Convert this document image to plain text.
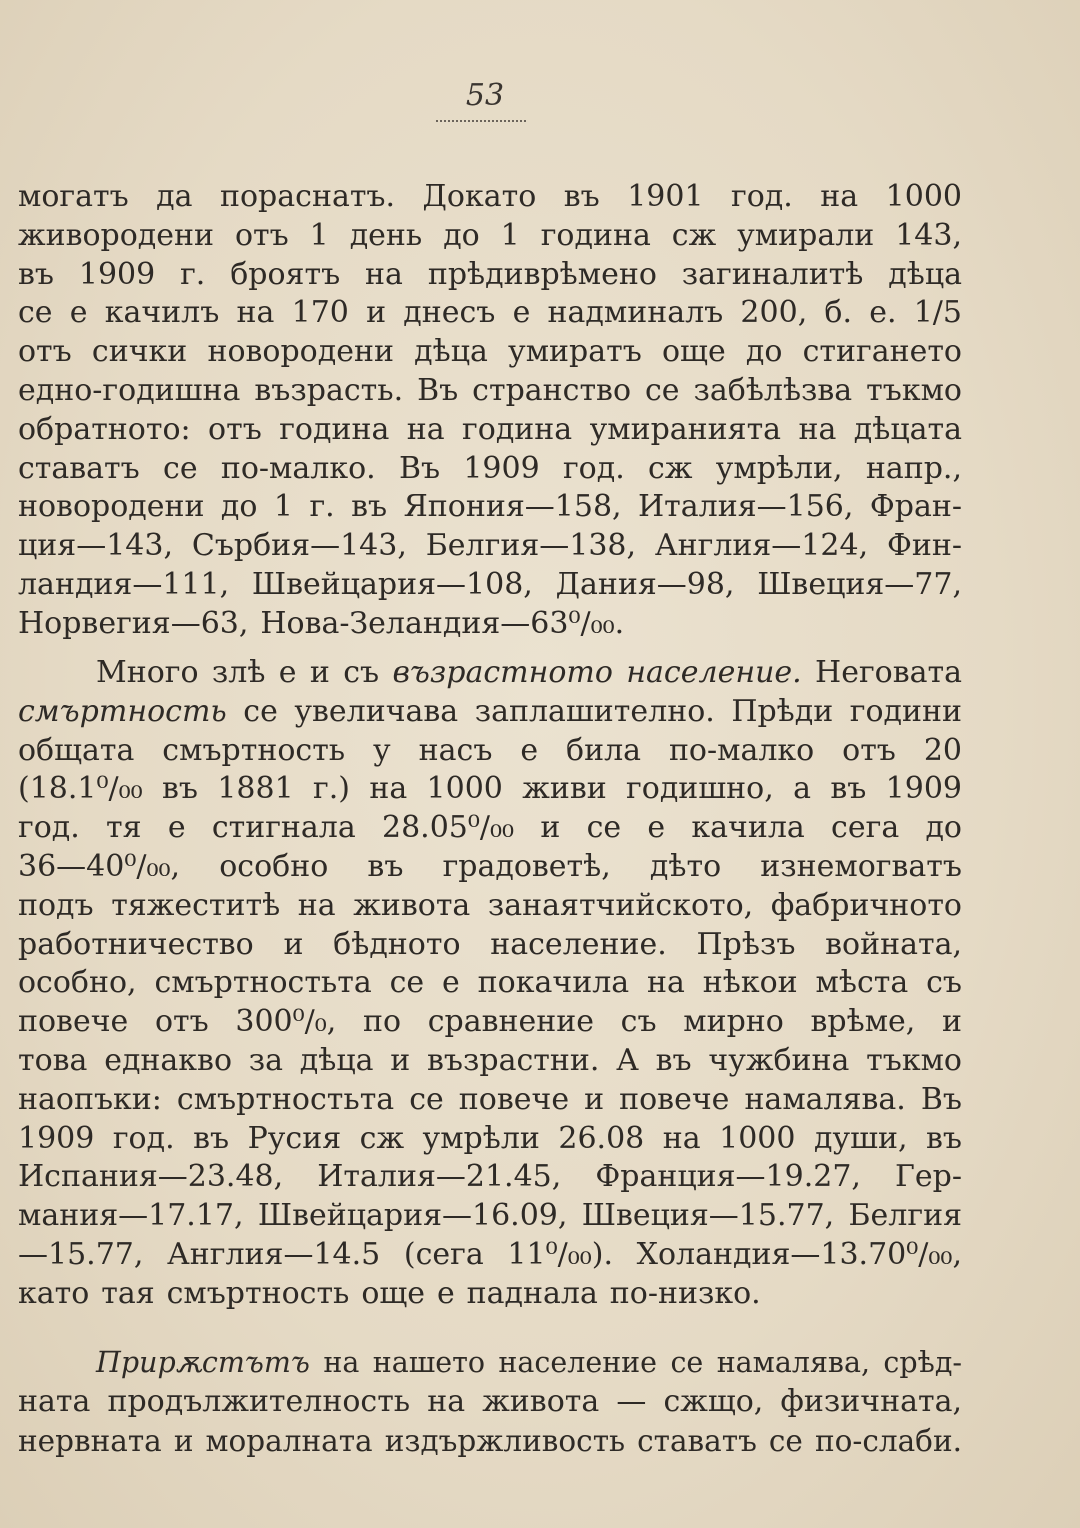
53
могатъ да пораснатъ. Докато въ 1901 год. на 1000
живородени отъ 1 день до 1 година сж умирали 143,
въ 1909 г. броятъ на прѣдиврѣмено загиналитѣ дѣца
се е качилъ на 170 и днесъ е надминалъ 200, б. е. 1/5
отъ сички новородени дѣца умиратъ още до стигането
едно-годишна възрасть. Въ странство се забѣлѣзва тъкмо
обратното: отъ година на година умиранията на дѣцата
ставатъ се по-малко. Въ 1909 год. сж умрѣли, напр.,
новородени до 1 г. въ Япония—158, Италия—156, Фран-
ция—143, Сърбия—143, Белгия—138, Англия—124, Фин-
ландия—111, Швейцария—108, Дания—98, Швеция—77,
Норвегия—63, Нова-Зеландия—63⁰/₀₀.
Много злѣ е и съ възрастното население. Неговата
смъртность се увеличава заплашително. Прѣди години
общата смъртность у насъ е била по-малко отъ 20
(18.1⁰/₀₀ въ 1881 г.) на 1000 живи годишно, а въ 1909
год. тя е стигнала 28.05⁰/₀₀ и се е качила сега до
36—40⁰/₀₀, особно въ градоветѣ, дѣто изнемогватъ
подъ тяжеститѣ на живота занаятчийското, фабричното
работничество и бѣдното население. Прѣзъ войната,
особно, смъртностьта се е покачила на нѣкои мѣста съ
повече отъ 300⁰/₀, по сравнение съ мирно врѣме, и
това еднакво за дѣца и възрастни. А въ чужбина тъкмо
наопъки: смъртностьта се повече и повече намалява. Въ
1909 год. въ Русия сж умрѣли 26.08 на 1000 души, въ
Испания—23.48, Италия—21.45, Франция—19.27, Гер-
мания—17.17, Швейцария—16.09, Швеция—15.77, Белгия
—15.77, Англия—14.5 (сега 11⁰/₀₀). Холандия—13.70⁰/₀₀,
като тая смъртность още е паднала по-низко.
Прирѫстътъ на нашето население се намалява, срѣд-
ната продължителность на живота — сжщо, физичната,
нервната и моралната издържливость ставатъ се по-слаби.
